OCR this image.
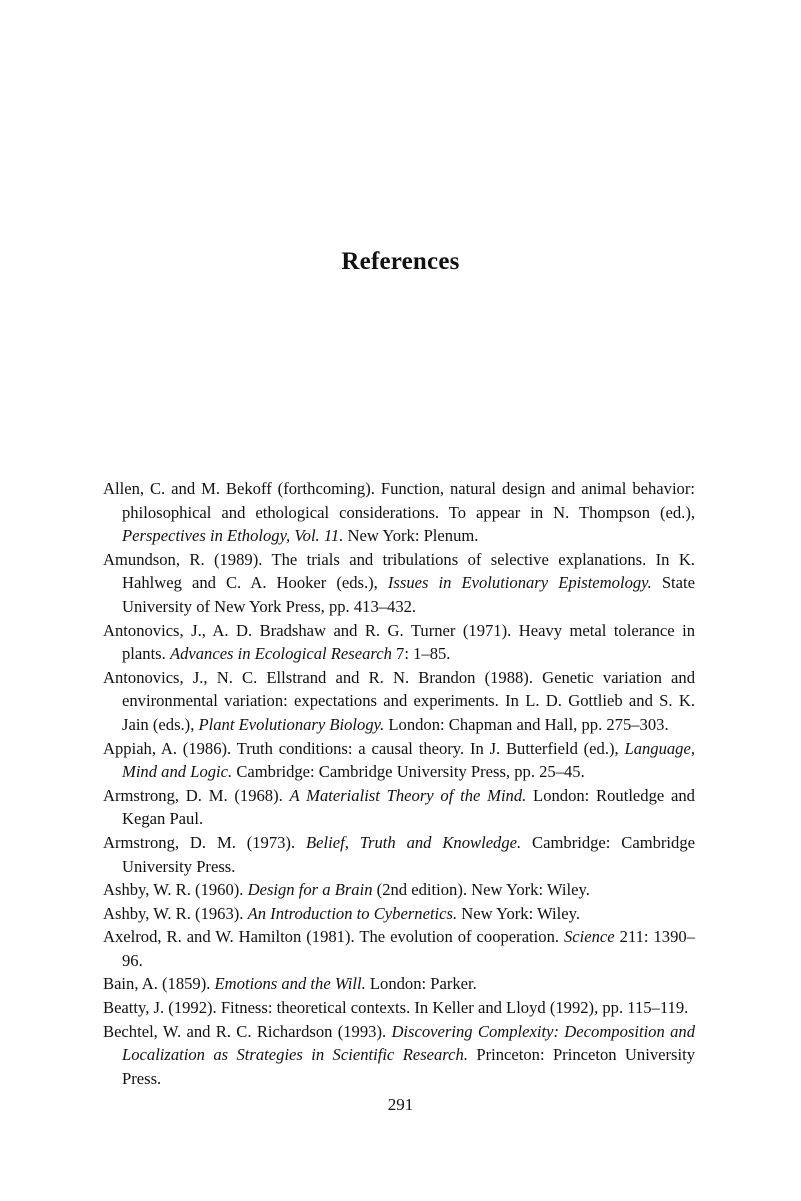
References

Allen, C. and M. Bekoff (forthcoming). Function, natural design and animal behavior: philosophical and ethological considerations. To appear in N. Thompson (ed.), Perspectives in Ethology, Vol. 11. New York: Plenum.

Amundson, R. (1989). The trials and tribulations of selective explanations. In K. Hahlweg and C. A. Hooker (eds.), Issues in Evolutionary Epistemology. State University of New York Press, pp. 413–432.

Antonovics, J., A. D. Bradshaw and R. G. Turner (1971). Heavy metal tolerance in plants. Advances in Ecological Research 7: 1–85.

Antonovics, J., N. C. Ellstrand and R. N. Brandon (1988). Genetic variation and environmental variation: expectations and experiments. In L. D. Gottlieb and S. K. Jain (eds.), Plant Evolutionary Biology. London: Chapman and Hall, pp. 275–303.

Appiah, A. (1986). Truth conditions: a causal theory. In J. Butterfield (ed.), Language, Mind and Logic. Cambridge: Cambridge University Press, pp. 25–45.

Armstrong, D. M. (1968). A Materialist Theory of the Mind. London: Routledge and Kegan Paul.

Armstrong, D. M. (1973). Belief, Truth and Knowledge. Cambridge: Cambridge University Press.

Ashby, W. R. (1960). Design for a Brain (2nd edition). New York: Wiley.

Ashby, W. R. (1963). An Introduction to Cybernetics. New York: Wiley.

Axelrod, R. and W. Hamilton (1981). The evolution of cooperation. Science 211: 1390–96.

Bain, A. (1859). Emotions and the Will. London: Parker.

Beatty, J. (1992). Fitness: theoretical contexts. In Keller and Lloyd (1992), pp. 115–119.

Bechtel, W. and R. C. Richardson (1993). Discovering Complexity: Decomposition and Localization as Strategies in Scientific Research. Princeton: Princeton University Press.

291
